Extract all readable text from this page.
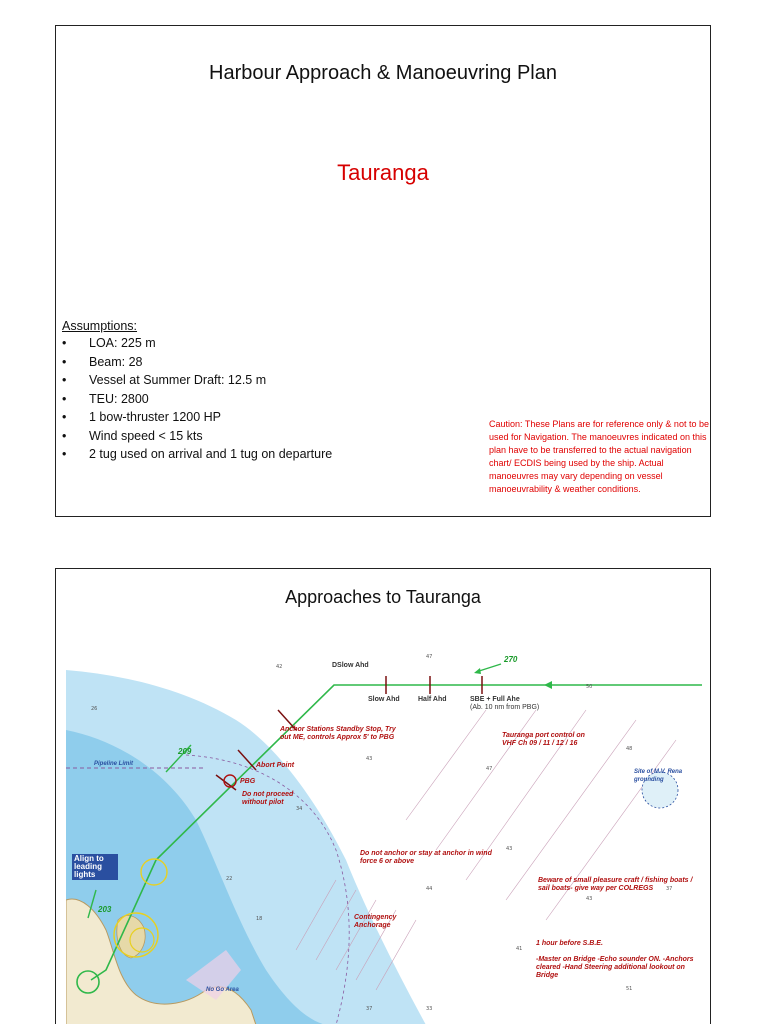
Harbour Approach & Manoeuvring Plan
Tauranga
Assumptions:
• LOA: 225 m
• Beam: 28
• Vessel at Summer Draft: 12.5 m
• TEU: 2800
• 1 bow-thruster 1200 HP
• Wind speed < 15 kts
• 2 tug used on arrival and 1 tug on departure
Caution: These Plans are for reference only & not to be used for Navigation. The manoeuvres indicated on this plan have to be transferred to the actual navigation chart/ ECDIS being used by the ship. Actual manoeuvres may vary depending on vessel manoeuvrability & weather conditions.
Approaches to Tauranga
42
47
50
26
43
47
48
34
43
44
43
37
41
37
51
22
18
33
DSlow Ahd
Slow Ahd	Half Ahd	SBE + Full Ahe
(Ab. 10 nm from PBG)
270
209
203
Anchor Stations Standby Stop, Try out ME, controls Approx 5' to PBG
Abort Point
PBG
Do not proceed without pilot
Tauranga port control on VHF Ch 09 / 11 / 12 / 16
Do not anchor or stay at anchor in wind force 6 or above
Beware of small pleasure craft / fishing boats / sail boats- give way per COLREGS
Contingency Anchorage
1 hour before S.B.E.
-Master on Bridge -Echo sounder ON. -Anchors cleared -Hand Steering additional lookout on Bridge
Align to leading lights
Site of M.V. Rena grounding
Pipeline Limit
No Go Area
